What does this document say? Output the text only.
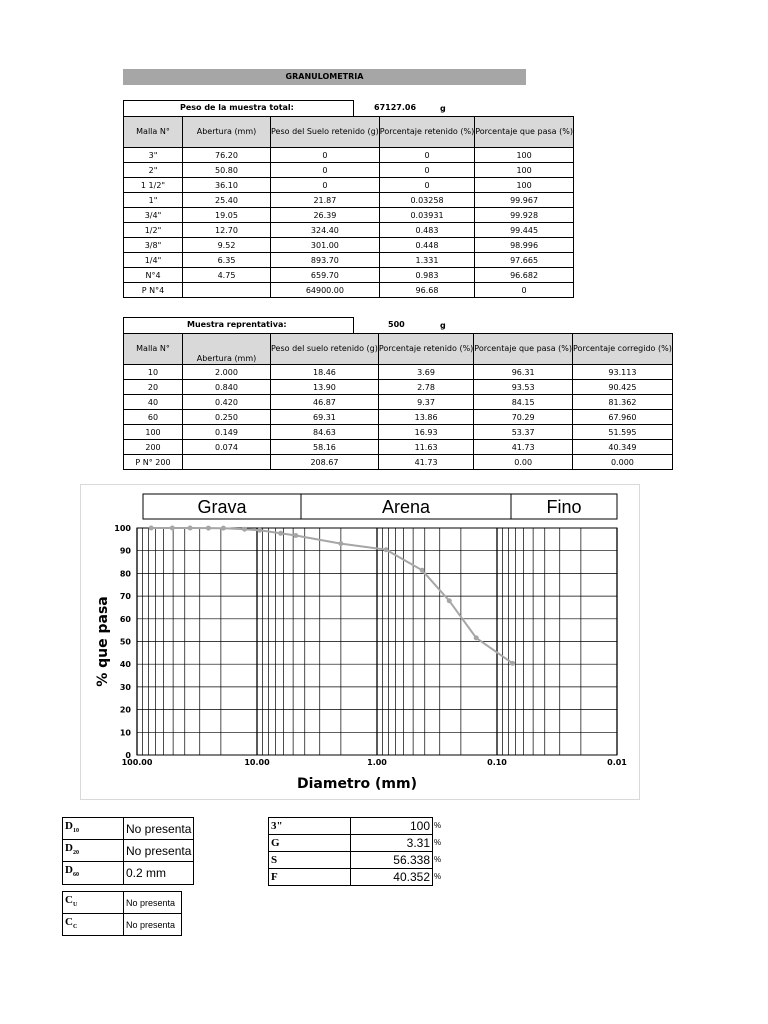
GRANULOMETRIA
Peso de la muestra total:	67127.06	g
Malla N°	Abertura (mm)	Peso del Suelo retenido (g)	Porcentaje retenido (%)	Porcentaje que pasa (%)
3"	76.20	0	0	100
2"	50.80	0	0	100
1 1/2"	36.10	0	0	100
1"	25.40	21.87	0.03258	99.967
3/4"	19.05	26.39	0.03931	99.928
1/2"	12.70	324.40	0.483	99.445
3/8"	9.52	301.00	0.448	98.996
1/4"	6.35	893.70	1.331	97.665
N°4	4.75	659.70	0.983	96.682
P N°4		64900.00	96.68	0
Muestra reprentativa:	500	g
Malla N°	Abertura (mm)	Peso del suelo retenido (g)	Porcentaje retenido (%)	Porcentaje que pasa (%)	Porcentaje corregido (%)
10	2.000	18.46	3.69	96.31	93.113
20	0.840	13.90	2.78	93.53	90.425
40	0.420	46.87	9.37	84.15	81.362
60	0.250	69.31	13.86	70.29	67.960
100	0.149	84.63	16.93	53.37	51.595
200	0.074	58.16	11.63	41.73	40.349
P N° 200		208.67	41.73	0.00	0.000
Grava	Arena	Fino
0
10
20
30
40
50
60
70
80
90
100
100.00	10.00	1.00	0.10	0.01
Diametro (mm)
% que pasa
$D_{10}$	No presenta
$D_{20}$	No presenta
$D_{60}$	0.2 mm
$C_U$	No presenta
$C_C$	No presenta
3"	100
G	3.31
S	56.338
F	40.352
%
%
%
%
